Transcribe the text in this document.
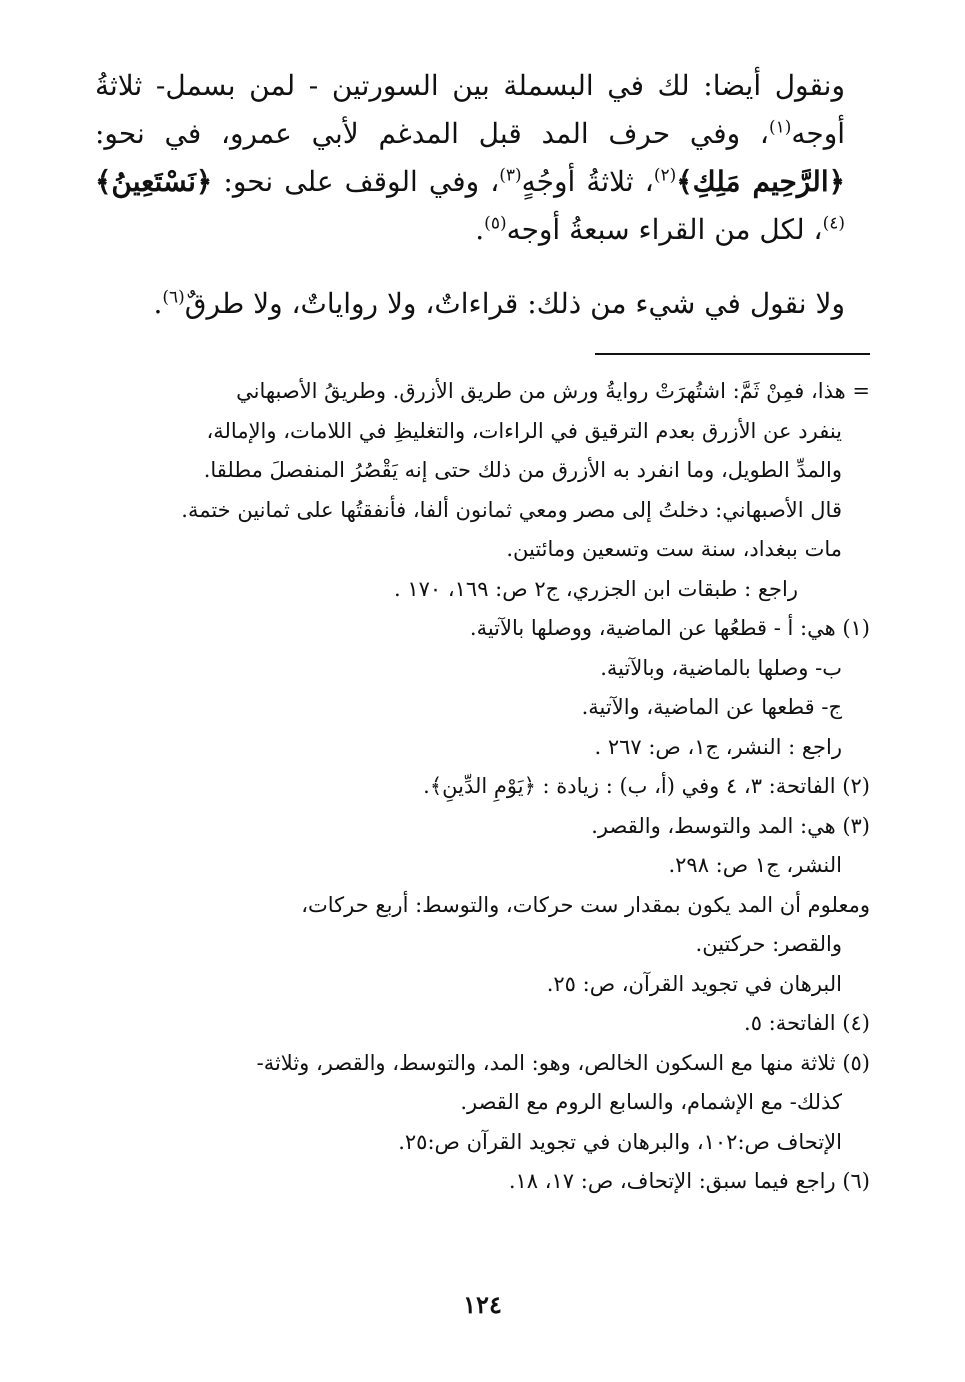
ونقول أيضا: لك في البسملة بين السورتين - لمن بسمل- ثلاثةُ أوجه$^{(١)}$، وفي حرف المد قبل المدغم لأبي عمرو، في نحو: ﴿الرَّحِيم مَلِكِ﴾$^{(٢)}$، ثلاثةُ أوجُهٍ$^{(٣)}$، وفي الوقف على نحو: ﴿نَسْتَعِينُ﴾$^{(٤)}$، لكل من القراء سبعةُ أوجه$^{(٥)}$.

ولا نقول في شيء من ذلك: قراءاتٌ، ولا رواياتٌ، ولا طرقٌ$^{(٦)}$.

= هذا، فمِنْ ثَمَّ: اشتُهرَتْ روايةُ ورش من طريق الأزرق. وطريقُ الأصبهاني
ينفرد عن الأزرق بعدم الترقيق في الراءات، والتغليظِ في اللامات، والإمالة،
والمدِّ الطويل، وما انفرد به الأزرق من ذلك حتى إنه يَقْصُرُ المنفصلَ مطلقا.
قال الأصبهاني: دخلتُ إلى مصر ومعي ثمانون ألفا، فأنفقتُها على ثمانين ختمة.
مات ببغداد، سنة ست وتسعين ومائتين.
راجع : طبقات ابن الجزري، ج٢ ص: ١٦٩، ١٧٠ .
(١) هي: أ - قطعُها عن الماضية، ووصلها بالآتية.
ب- وصلها بالماضية، وبالآتية.
ج- قطعها عن الماضية، والآتية.
راجع : النشر، ج١، ص: ٢٦٧ .
(٢) الفاتحة: ٣، ٤ وفي (أ، ب) : زيادة : ﴿يَوْمِ الدِّينِ﴾.
(٣) هي: المد والتوسط، والقصر.
النشر، ج١ ص: ٢٩٨.
ومعلوم أن المد يكون بمقدار ست حركات، والتوسط: أربع حركات،
والقصر: حركتين.
البرهان في تجويد القرآن، ص: ٢٥.
(٤) الفاتحة: ٥.
(٥) ثلاثة منها مع السكون الخالص، وهو: المد، والتوسط، والقصر، وثلاثة-
كذلك- مع الإشمام، والسابع الروم مع القصر.
الإتحاف ص:١٠٢، والبرهان في تجويد القرآن ص:٢٥.
(٦) راجع فيما سبق: الإتحاف، ص: ١٧، ١٨.
١٢٤
